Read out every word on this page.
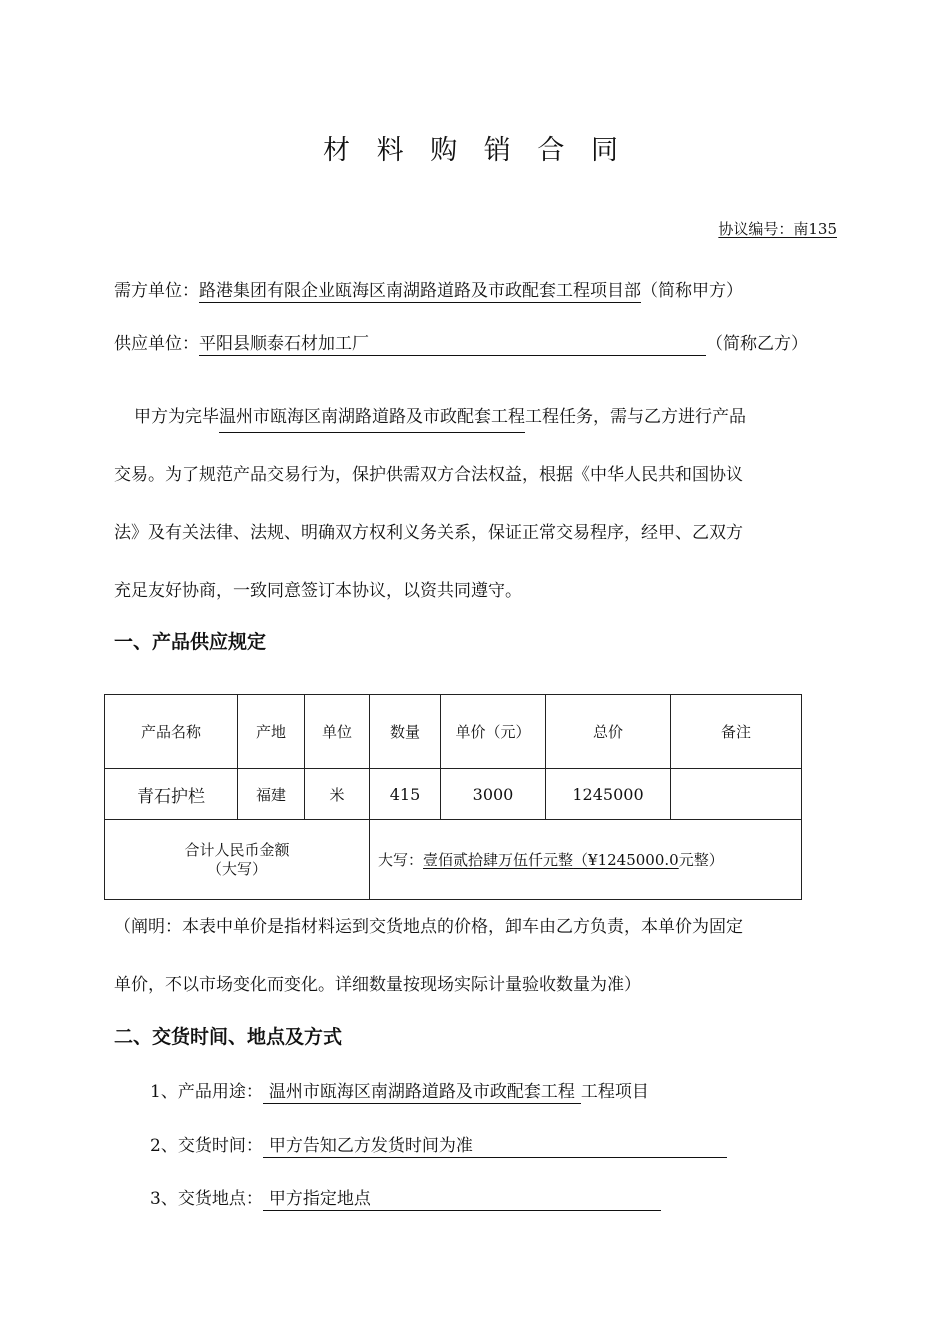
材 料 购 销 合 同
协议编号：南135
需方单位：路港集团有限企业瓯海区南湖路道路及市政配套工程项目部（简称甲方）
供应单位：平阳县顺泰石材加工厂	（简称乙方）
甲方为完毕温州市瓯海区南湖路道路及市政配套工程工程任务，需与乙方进行产品
交易。为了规范产品交易行为，保护供需双方合法权益，根据《中华人民共和国协议
法》及有关法律、法规、明确双方权利义务关系，保证正常交易程序，经甲、乙双方
充足友好协商，一致同意签订本协议，以资共同遵守。
一、产品供应规定
产品名称	产地	单位	数量	单价（元）	总价	备注
青石护栏	福建	米	415	3000	1245000	

合计人民币金额
（大写）			大写：壹佰贰拾肆万伍仟元整（¥1245000.0元整）			
（阐明：本表中单价是指材料运到交货地点的价格，卸车由乙方负责，本单价为固定
单价，不以市场变化而变化。详细数量按现场实际计量验收数量为准）
二、交货时间、地点及方式
1、产品用途： 温州市瓯海区南湖路道路及市政配套工程 工程项目
2、交货时间： 甲方告知乙方发货时间为准
3、交货地点： 甲方指定地点
